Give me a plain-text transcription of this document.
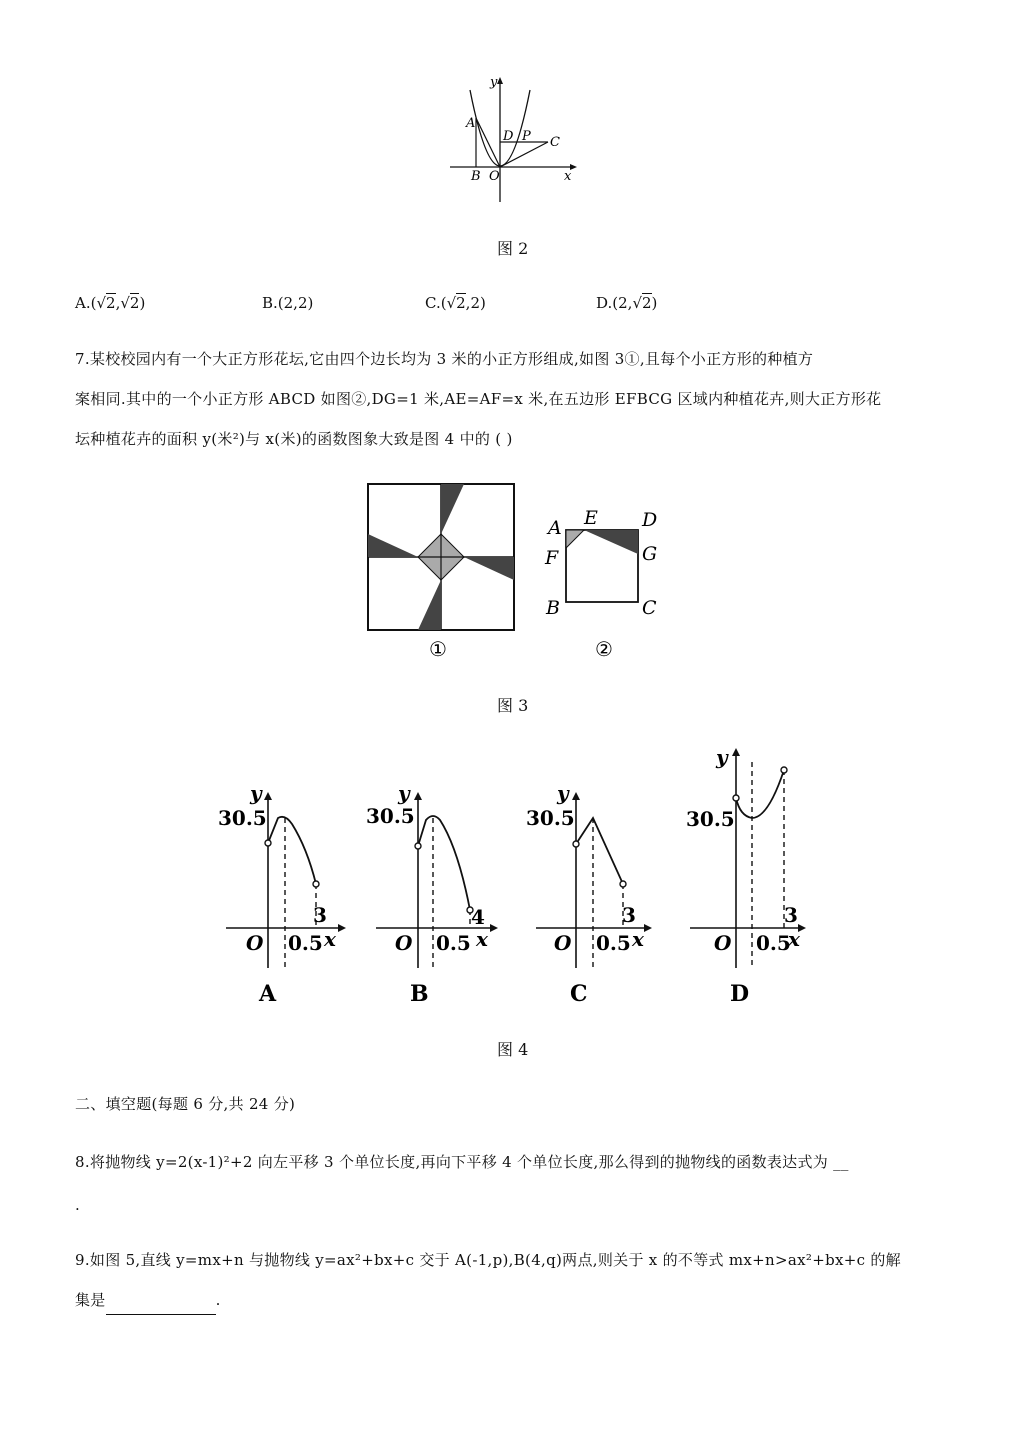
y
A
D P C
B O	x
图 2
A.(√2,√2)	B.(2,2)	C.(√2,2)	D.(2,√2)
7.某校校园内有一个大正方形花坛,它由四个边长均为 3 米的小正方形组成,如图 3①,且每个小正方形的种植方
案相同.其中的一个小正方形 ABCD 如图②,DG=1 米,AE=AF=x 米,在五边形 EFBCG 区域内种植花卉,则大正方形花
坛种植花卉的面积 y(米²)与 x(米)的函数图象大致是图 4 中的 ( )
①
A E D
F	G
B	C
②
图 3
y
30.5
3
O 0.5 x
A
y
30.5
4
O 0.5 x
B
y
30.5
3
O 0.5 x
C
y
30.5
3
O 0.5
x
D
图 4
二、填空题(每题 6 分,共 24 分)
8.将抛物线 y=2(x-1)²+2 向左平移 3 个单位长度,再向下平移 4 个单位长度,那么得到的抛物线的函数表达式为 __
.
9.如图 5,直线 y=mx+n 与抛物线 y=ax²+bx+c 交于 A(-1,p),B(4,q)两点,则关于 x 的不等式 mx+n>ax²+bx+c 的解
集是	.
